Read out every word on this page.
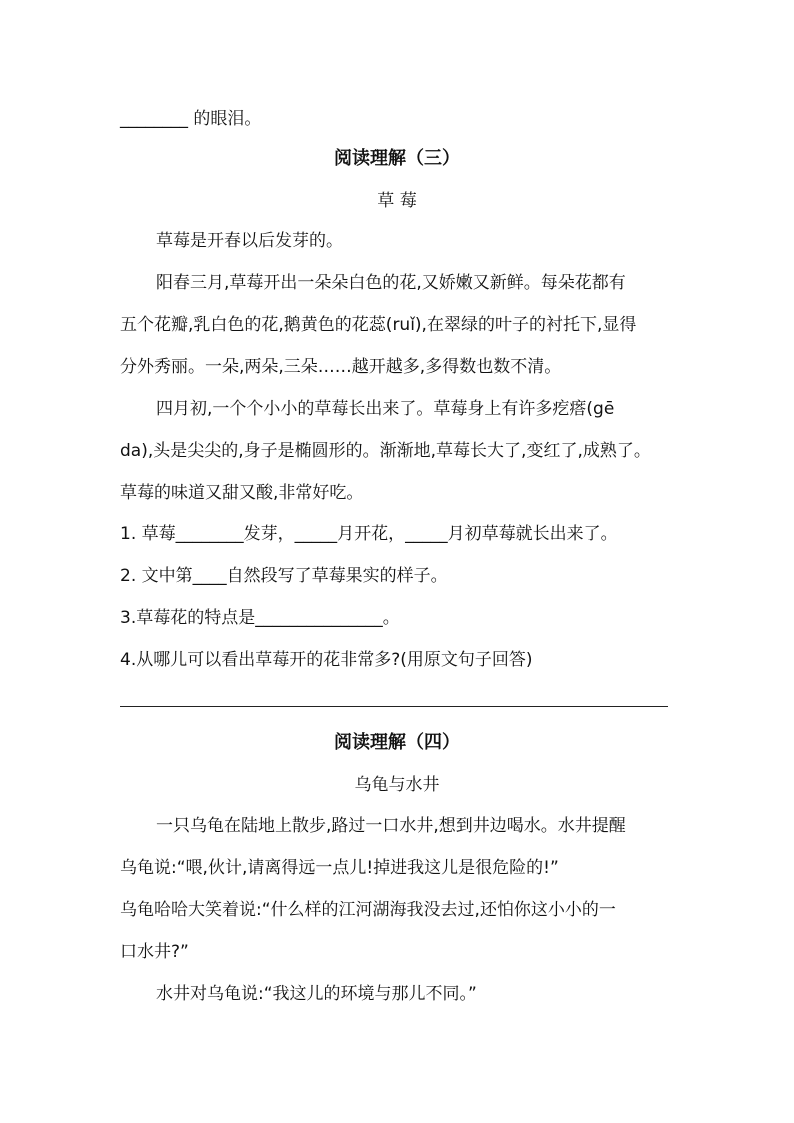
________ 的眼泪。
阅读理解（三）
草 莓
草莓是开春以后发芽的。
阳春三月,草莓开出一朵朵白色的花,又娇嫩又新鲜。每朵花都有
五个花瓣,乳白色的花,鹅黄色的花蕊(ruǐ),在翠绿的叶子的衬托下,显得
分外秀丽。一朵,两朵,三朵……越开越多,多得数也数不清。
四月初,一个个小小的草莓长出来了。草莓身上有许多疙瘩(gē
da),头是尖尖的,身子是椭圆形的。渐渐地,草莓长大了,变红了,成熟了。
草莓的味道又甜又酸,非常好吃。
1. 草莓________发芽，_____月开花，_____月初草莓就长出来了。
2. 文中第____自然段写了草莓果实的样子。
3.草莓花的特点是_______________。
4.从哪儿可以看出草莓开的花非常多?(用原文句子回答)
阅读理解（四）
乌龟与水井
一只乌龟在陆地上散步,路过一口水井,想到井边喝水。水井提醒
乌龟说:“喂,伙计,请离得远一点儿!掉进我这儿是很危险的!”
乌龟哈哈大笑着说:“什么样的江河湖海我没去过,还怕你这小小的一
口水井?”
水井对乌龟说:“我这儿的环境与那儿不同。”
